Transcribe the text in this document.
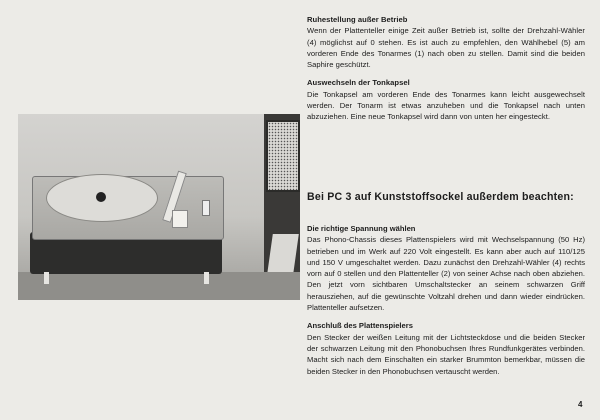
Ruhestellung außer Betrieb
Wenn der Plattenteller einige Zeit außer Betrieb ist, sollte der Drehzahl-Wähler (4) möglichst auf 0 stehen. Es ist auch zu empfehlen, den Wählhebel (5) am vorderen Ende des Tonarmes (1) nach oben zu stellen. Damit sind die beiden Saphire geschützt.
Auswechseln der Tonkapsel
Die Tonkapsel am vorderen Ende des Tonarmes kann leicht ausgewechselt werden. Der Tonarm ist etwas anzuheben und die Tonkapsel nach unten abzuziehen. Eine neue Tonkapsel wird dann von unten her eingesteckt.
Bei PC 3 auf Kunststoffsockel außerdem beachten:
Die richtige Spannung wählen
Das Phono-Chassis dieses Plattenspielers wird mit Wechselspannung (50 Hz) betrieben und im Werk auf 220 Volt eingestellt. Es kann aber auch auf 110/125 und 150 V umgeschaltet werden. Dazu zunächst den Drehzahl-Wähler (4) rechts vorn auf 0 stellen und den Plattenteller (2) von seiner Achse nach oben abziehen. Den jetzt vorn sichtbaren Umschaltstecker an seinem schwarzen Griff herausziehen, auf die gewünschte Voltzahl drehen und dann wieder eindrücken. Plattenteller aufsetzen.
Anschluß des Plattenspielers
Den Stecker der weißen Leitung mit der Lichtsteckdose und die beiden Stecker der schwarzen Leitung mit den Phonobuchsen Ihres Rundfunkgerätes verbinden. Macht sich nach dem Einschalten ein starker Brummton bemerkbar, müssen die beiden Stecker in den Phonobuchsen vertauscht werden.
4
